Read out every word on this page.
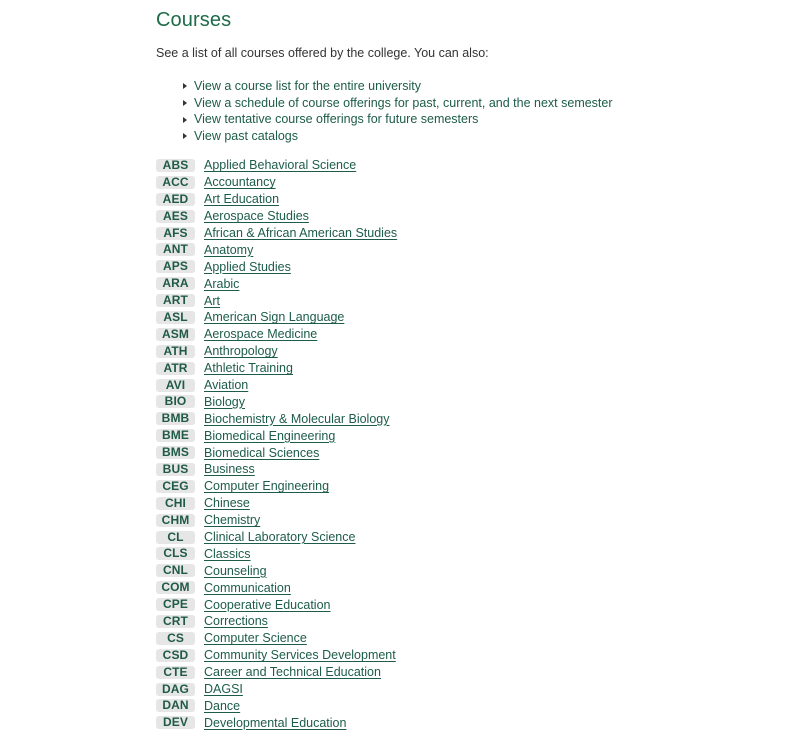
Courses
See a list of all courses offered by the college. You can also:
View a course list for the entire university
View a schedule of course offerings for past, current, and the next semester
View tentative course offerings for future semesters
View past catalogs
ABS	Applied Behavioral Science
ACC	Accountancy
AED	Art Education
AES	Aerospace Studies
AFS	African & African American Studies
ANT	Anatomy
APS	Applied Studies
ARA	Arabic
ART	Art
ASL	American Sign Language
ASM	Aerospace Medicine
ATH	Anthropology
ATR	Athletic Training
AVI	Aviation
BIO	Biology
BMB	Biochemistry & Molecular Biology
BME	Biomedical Engineering
BMS	Biomedical Sciences
BUS	Business
CEG	Computer Engineering
CHI	Chinese
CHM	Chemistry
CL	Clinical Laboratory Science
CLS	Classics
CNL	Counseling
COM	Communication
CPE	Cooperative Education
CRT	Corrections
CS	Computer Science
CSD	Community Services Development
CTE	Career and Technical Education
DAG	DAGSI
DAN	Dance
DEV	Developmental Education
